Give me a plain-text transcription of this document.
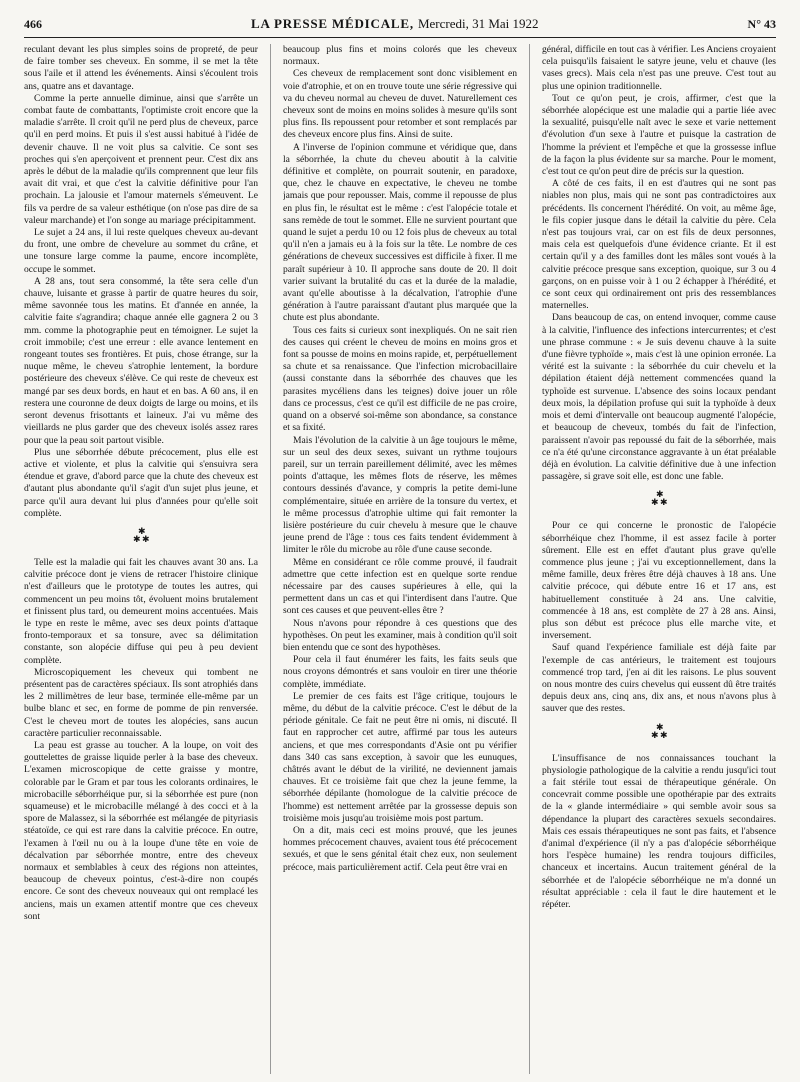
466	LA PRESSE MÉDICALE, Mercredi, 31 Mai 1922	N° 43

reculant devant les plus simples soins de propreté, de peur de faire tomber ses cheveux. En somme, il se met la tête sous l'aile et il attend les événements. Ainsi s'écoulent trois ans, quatre ans et davantage.

Comme la perte annuelle diminue, ainsi que s'arrête un combat faute de combattants, l'optimiste croit encore que la maladie s'arrête. Il croit qu'il ne perd plus de cheveux, parce qu'il en perd moins. Et puis il s'est aussi habitué à l'idée de devenir chauve. Il ne voit plus sa calvitie. Ce sont ses proches qui s'en aperçoivent et prennent peur. C'est dix ans après le début de la maladie qu'ils comprennent que leur fils avait dit vrai, et que c'est la calvitie définitive pour l'an prochain. La jalousie et l'amour maternels s'émeuvent. Le fils va perdre de sa valeur esthétique (on n'ose pas dire de sa valeur marchande) et l'on songe au mariage précipitamment.

Le sujet a 24 ans, il lui reste quelques cheveux au-devant du front, une ombre de chevelure au sommet du crâne, et une tonsure large comme la paume, encore incomplète, occupe le sommet.

A 28 ans, tout sera consommé, la tête sera celle d'un chauve, luisante et grasse à partir de quatre heures du soir, même savonnée tous les matins. Et d'année en année, la calvitie faite s'agrandira; chaque année elle gagnera 2 ou 3 mm. comme la photographie peut en témoigner. Le sujet la croit immobile; c'est une erreur : elle avance lentement en rongeant toutes ses frontières. Et puis, chose étrange, sur la nuque même, le cheveu s'atrophie lentement, la bordure postérieure des cheveux s'élève. Ce qui reste de cheveux est mangé par ses deux bords, en haut et en bas. A 60 ans, il en restera une couronne de deux doigts de large ou moins, et ils seront devenus frisottants et laineux. J'ai vu même des vieillards ne plus garder que des cheveux isolés assez rares pour que la peau soit partout visible.

Plus une séborrhée débute précocement, plus elle est active et violente, et plus la calvitie qui s'ensuivra sera étendue et grave, d'abord parce que la chute des cheveux est d'autant plus abondante qu'il s'agit d'un sujet plus jeune, et parce qu'il aura devant lui plus d'années pour qu'elle soit complète.

✱
✱ ✱

Telle est la maladie qui fait les chauves avant 30 ans. La calvitie précoce dont je viens de retracer l'histoire clinique n'est d'ailleurs que le prototype de toutes les autres, qui commencent un peu moins tôt, évoluent moins brutalement et finissent plus tard, ou demeurent moins accentuées. Mais le type en reste le même, avec ses deux points d'attaque fronto-temporaux et sa tonsure, avec sa délimitation constante, son alopécie diffuse qui peu à peu devient complète.

Microscopiquement les cheveux qui tombent ne présentent pas de caractères spéciaux. Ils sont atrophiés dans les 2 millimètres de leur base, terminée elle-même par un bulbe blanc et sec, en forme de pomme de pin renversée. C'est le cheveu mort de toutes les alopécies, sans aucun caractère particulier reconnaissable.

La peau est grasse au toucher. A la loupe, on voit des gouttelettes de graisse liquide perler à la base des cheveux. L'examen microscopique de cette graisse y montre, colorable par le Gram et par tous les colorants ordinaires, le microbacille séborrhéique pur, si la séborrhée est pure (non squameuse) et le microbacille mélangé à des cocci et à la spore de Malassez, si la séborrhée est mélangée de pityriasis stéatoïde, ce qui est rare dans la calvitie précoce. En outre, l'examen à l'œil nu ou à la loupe d'une tête en voie de décalvation par séborrhée montre, entre des cheveux normaux et semblables à ceux des régions non atteintes, beaucoup de cheveux pointus, c'est-à-dire non coupés encore. Ce sont des cheveux nouveaux qui ont remplacé les anciens, mais un examen attentif montre que ces cheveux sont

beaucoup plus fins et moins colorés que les cheveux normaux.

Ces cheveux de remplacement sont donc visiblement en voie d'atrophie, et on en trouve toute une série régressive qui va du cheveu normal au cheveu de duvet. Naturellement ces cheveux sont de moins en moins solides à mesure qu'ils sont plus fins. Ils repoussent pour retomber et sont remplacés par des cheveux encore plus fins. Ainsi de suite.

A l'inverse de l'opinion commune et véridique que, dans la séborrhée, la chute du cheveu aboutit à la calvitie définitive et complète, on pourrait soutenir, en paradoxe, que, chez le chauve en expectative, le cheveu ne tombe jamais que pour repousser. Mais, comme il repousse de plus en plus fin, le résultat est le même : c'est l'alopécie totale et sans remède de tout le sommet. Elle ne survient pourtant que quand le sujet a perdu 10 ou 12 fois plus de cheveux au total qu'il n'en a jamais eu à la fois sur la tête. Le nombre de ces générations de cheveux successives est difficile à fixer. Il me paraît supérieur à 10. Il approche sans doute de 20. Il doit varier suivant la brutalité du cas et la durée de la maladie, avant qu'elle aboutisse à la décalvation, l'atrophie d'une génération à l'autre paraissant d'autant plus marquée que la chute est plus abondante.

Tous ces faits si curieux sont inexpliqués. On ne sait rien des causes qui créent le cheveu de moins en moins gros et font sa pousse de moins en moins rapide, et, perpétuellement sa chute et sa renaissance. Que l'infection microbacillaire (aussi constante dans la séborrhée des chauves que les parasites mycéliens dans les teignes) doive jouer un rôle dans ce processus, c'est ce qu'il est difficile de ne pas croire, quand on a observé soi-même son abondance, sa constance et sa fixité.

Mais l'évolution de la calvitie à un âge toujours le même, sur un seul des deux sexes, suivant un rythme toujours pareil, sur un terrain pareillement délimité, avec les mêmes points d'attaque, les mêmes flots de réserve, les mêmes contours dessinés d'avance, y compris la petite demi-lune complémentaire, située en arrière de la tonsure du vertex, et le même processus d'atrophie ultime qui fait remonter la lisière postérieure du cuir chevelu à mesure que le chauve jeune prend de l'âge : tous ces faits tendent évidemment à limiter le rôle du microbe au rôle d'une cause seconde.

Même en considérant ce rôle comme prouvé, il faudrait admettre que cette infection est en quelque sorte rendue nécessaire par des causes supérieures à elle, qui la permettent dans un cas et qui l'interdisent dans l'autre. Que sont ces causes et que peuvent-elles être ?

Nous n'avons pour répondre à ces questions que des hypothèses. On peut les examiner, mais à condition qu'il soit bien entendu que ce sont des hypothèses.

Pour cela il faut énumérer les faits, les faits seuls que nous croyons démontrés et sans vouloir en tirer une théorie complète, immédiate.

Le premier de ces faits est l'âge critique, toujours le même, du début de la calvitie précoce. C'est le début de la période génitale. Ce fait ne peut être ni omis, ni discuté. Il faut en rapprocher cet autre, affirmé par tous les auteurs anciens, et que mes correspondants d'Asie ont pu vérifier dans 340 cas sans exception, à savoir que les eunuques, châtrés avant le début de la virilité, ne deviennent jamais chauves. Et ce troisième fait que chez la jeune femme, la séborrhée dépilante (homologue de la calvitie précoce de l'homme) est nettement arrêtée par la grossesse depuis son troisième mois jusqu'au troisième mois post partum.

On a dit, mais ceci est moins prouvé, que les jeunes hommes précocement chauves, avaient tous été précocement sexués, et que le sens génital était chez eux, non seulement précoce, mais particulièrement actif. Cela peut être vrai en

général, difficile en tout cas à vérifier. Les Anciens croyaient cela puisqu'ils faisaient le satyre jeune, velu et chauve (les vases grecs). Mais cela n'est pas une preuve. C'est tout au plus une opinion traditionnelle.

Tout ce qu'on peut, je crois, affirmer, c'est que la séborrhée alopécique est une maladie qui a partie liée avec la sexualité, puisqu'elle naît avec le sexe et varie nettement d'évolution d'un sexe à l'autre et puisque la castration de l'homme la prévient et l'empêche et que la grossesse influe de la façon la plus évidente sur sa marche. Pour le moment, c'est tout ce qu'on peut dire de précis sur la question.

A côté de ces faits, il en est d'autres qui ne sont pas niables non plus, mais qui ne sont pas contradictoires aux précédents. Ils concernent l'hérédité. On voit, au même âge, le fils copier jusque dans le détail la calvitie du père. Cela n'est pas toujours vrai, car on est fils de deux personnes, mais cela est quelquefois d'une évidence criante. Et il est certain qu'il y a des familles dont les mâles sont voués à la calvitie précoce presque sans exception, quoique, sur 3 ou 4 garçons, on en puisse voir à 1 ou 2 échapper à l'hérédité, et ce sont ceux qui ordinairement ont pris des ressemblances maternelles.

Dans beaucoup de cas, on entend invoquer, comme cause à la calvitie, l'influence des infections intercurrentes; et c'est une phrase commune : « Je suis devenu chauve à la suite d'une fièvre typhoïde », mais c'est là une opinion erronée. La vérité est la suivante : la séborrhée du cuir chevelu et la dépilation étaient déjà nettement commencées quand la typhoïde est survenue. L'absence des soins locaux pendant deux mois, la dépilation profuse qui suit la typhoïde à deux mois et demi d'intervalle ont beaucoup augmenté l'alopécie, et beaucoup de cheveux, tombés du fait de l'infection, paraissent n'avoir pas repoussé du fait de la séborrhée, mais ce n'a été qu'une circonstance aggravante à un état préalable déjà en évolution. La calvitie définitive due à une infection passagère, si grave soit elle, est donc une fable.

✱
✱ ✱

Pour ce qui concerne le pronostic de l'alopécie séborrhéique chez l'homme, il est assez facile à porter sûrement. Elle est en effet d'autant plus grave qu'elle commence plus jeune ; j'ai vu exceptionnellement, dans la même famille, deux frères être déjà chauves à 18 ans. Une calvitie précoce, qui débute entre 16 et 17 ans, est habituellement constituée à 24 ans. Une calvitie, commencée à 18 ans, est complète de 27 à 28 ans. Ainsi, plus son début est précoce plus elle marche vite, et inversement.

Sauf quand l'expérience familiale est déjà faite par l'exemple de cas antérieurs, le traitement est toujours commencé trop tard, j'en ai dit les raisons. Le plus souvent on nous montre des cuirs chevelus qui eussent dû être traités depuis deux ans, cinq ans, dix ans, et nous n'avons plus à sauver que des restes.

✱
✱ ✱

L'insuffisance de nos connaissances touchant la physiologie pathologique de la calvitie a rendu jusqu'ici tout a fait stérile tout essai de thérapeutique générale. On concevrait comme possible une opothérapie par des extraits de la « glande intermédiaire » qui semble avoir sous sa dépendance la plupart des caractères sexuels secondaires. Mais ces essais thérapeutiques ne sont pas faits, et l'absence d'animal d'expérience (il n'y a pas d'alopécie séborrhéique hors l'espèce humaine) les rendra toujours difficiles, chanceux et incertains. Aucun traitement général de la séborrhée et de l'alopécie séborrhéique ne m'a donné un résultat appréciable : cela il faut le dire hautement et le répéter.
